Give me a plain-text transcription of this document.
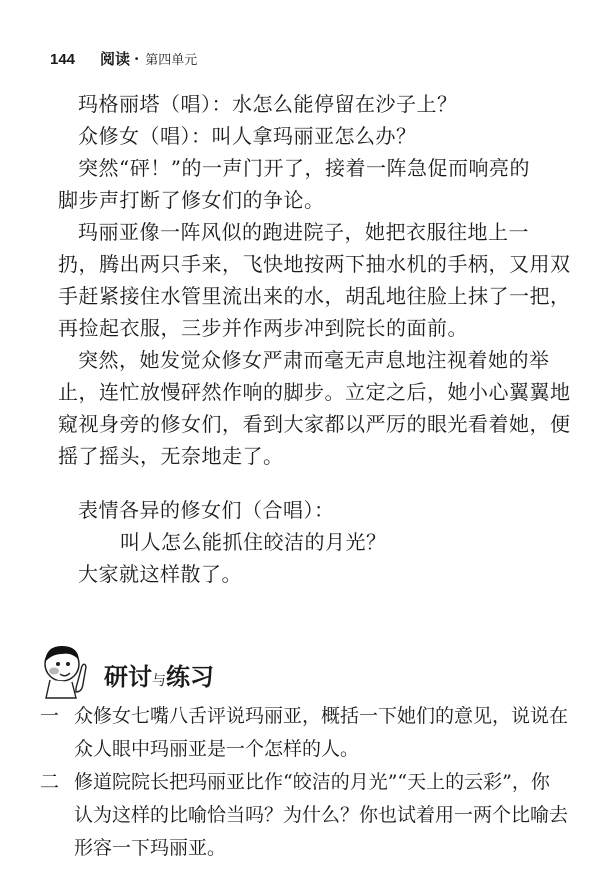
144	阅读 · 第四单元
玛格丽塔（唱）：水怎么能停留在沙子上？
众修女（唱）：叫人拿玛丽亚怎么办？
突然“砰！”的一声门开了，接着一阵急促而响亮的
脚步声打断了修女们的争论。
玛丽亚像一阵风似的跑进院子，她把衣服往地上一
扔，腾出两只手来，飞快地按两下抽水机的手柄，又用双
手赶紧接住水管里流出来的水，胡乱地往脸上抹了一把，
再捡起衣服，三步并作两步冲到院长的面前。
突然，她发觉众修女严肃而毫无声息地注视着她的举
止，连忙放慢砰然作响的脚步。立定之后，她小心翼翼地
窥视身旁的修女们，看到大家都以严厉的眼光看着她，便
摇了摇头，无奈地走了。
表情各异的修女们（合唱）：
叫人怎么能抓住皎洁的月光？
大家就这样散了。
研讨与练习
一 众修女七嘴八舌评说玛丽亚，概括一下她们的意见，说说在
众人眼中玛丽亚是一个怎样的人。
二 修道院院长把玛丽亚比作“皎洁的月光”“天上的云彩”，你
认为这样的比喻恰当吗？为什么？你也试着用一两个比喻去
形容一下玛丽亚。
